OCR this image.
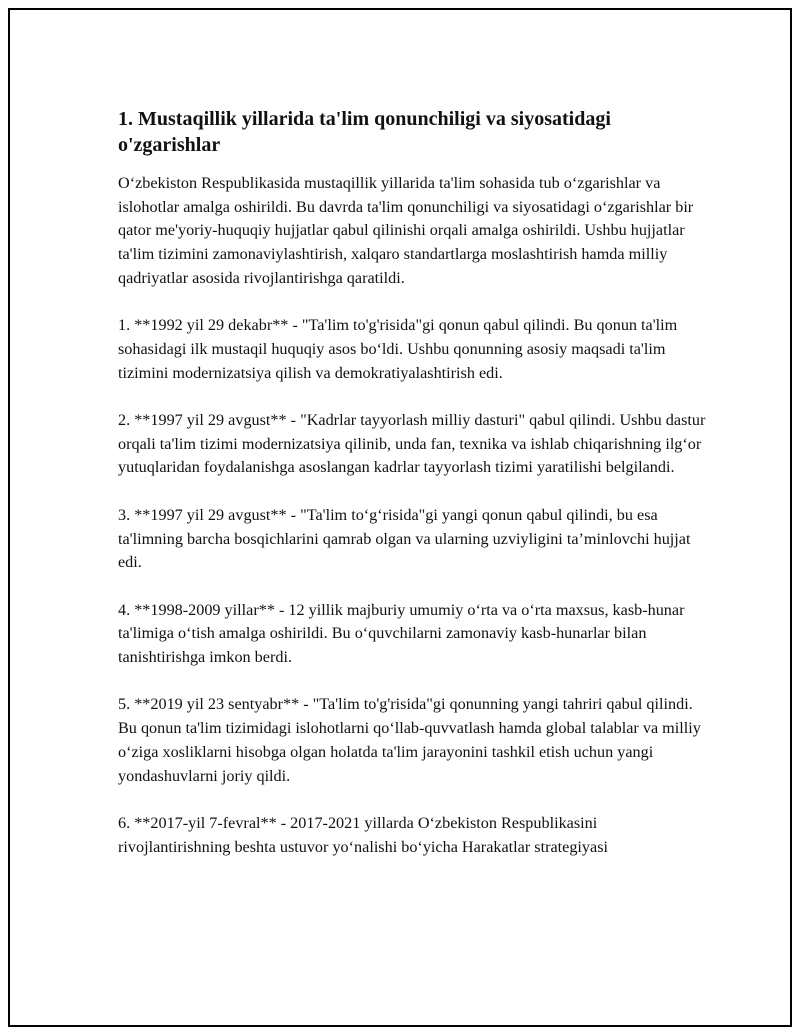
1. Mustaqillik yillarida ta'lim qonunchiligi va siyosatidagi o'zgarishlar

O‘zbekiston Respublikasida mustaqillik yillarida ta'lim sohasida tub o‘zgarishlar va islohotlar amalga oshirildi. Bu davrda ta'lim qonunchiligi va siyosatidagi o‘zgarishlar bir qator me'yoriy-huquqiy hujjatlar qabul qilinishi orqali amalga oshirildi. Ushbu hujjatlar ta'lim tizimini zamonaviylashtirish, xalqaro standartlarga moslashtirish hamda milliy qadriyatlar asosida rivojlantirishga qaratildi.

1. **1992 yil 29 dekabr** - "Ta'lim to'g'risida"gi qonun qabul qilindi. Bu qonun ta'lim sohasidagi ilk mustaqil huquqiy asos bo‘ldi. Ushbu qonunning asosiy maqsadi ta'lim tizimini modernizatsiya qilish va demokratiyalashtirish edi.

2. **1997 yil 29 avgust** - "Kadrlar tayyorlash milliy dasturi" qabul qilindi. Ushbu dastur orqali ta'lim tizimi modernizatsiya qilinib, unda fan, texnika va ishlab chiqarishning ilg‘or yutuqlaridan foydalanishga asoslangan kadrlar tayyorlash tizimi yaratilishi belgilandi.

3. **1997 yil 29 avgust** - "Ta'lim to‘g‘risida"gi yangi qonun qabul qilindi, bu esa ta'limning barcha bosqichlarini qamrab olgan va ularning uzviyligini ta’minlovchi hujjat edi.

4. **1998-2009 yillar** - 12 yillik majburiy umumiy o‘rta va o‘rta maxsus, kasb-hunar ta'limiga o‘tish amalga oshirildi. Bu o‘quvchilarni zamonaviy kasb-hunarlar bilan tanishtirishga imkon berdi.

5. **2019 yil 23 sentyabr** - "Ta'lim to'g'risida"gi qonunning yangi tahriri qabul qilindi. Bu qonun ta'lim tizimidagi islohotlarni qo‘llab-quvvatlash hamda global talablar va milliy o‘ziga xosliklarni hisobga olgan holatda ta'lim jarayonini tashkil etish uchun yangi yondashuvlarni joriy qildi.

6. **2017-yil 7-fevral** - 2017-2021 yillarda O‘zbekiston Respublikasini rivojlantirishning beshta ustuvor yo‘nalishi bo‘yicha Harakatlar strategiyasi
